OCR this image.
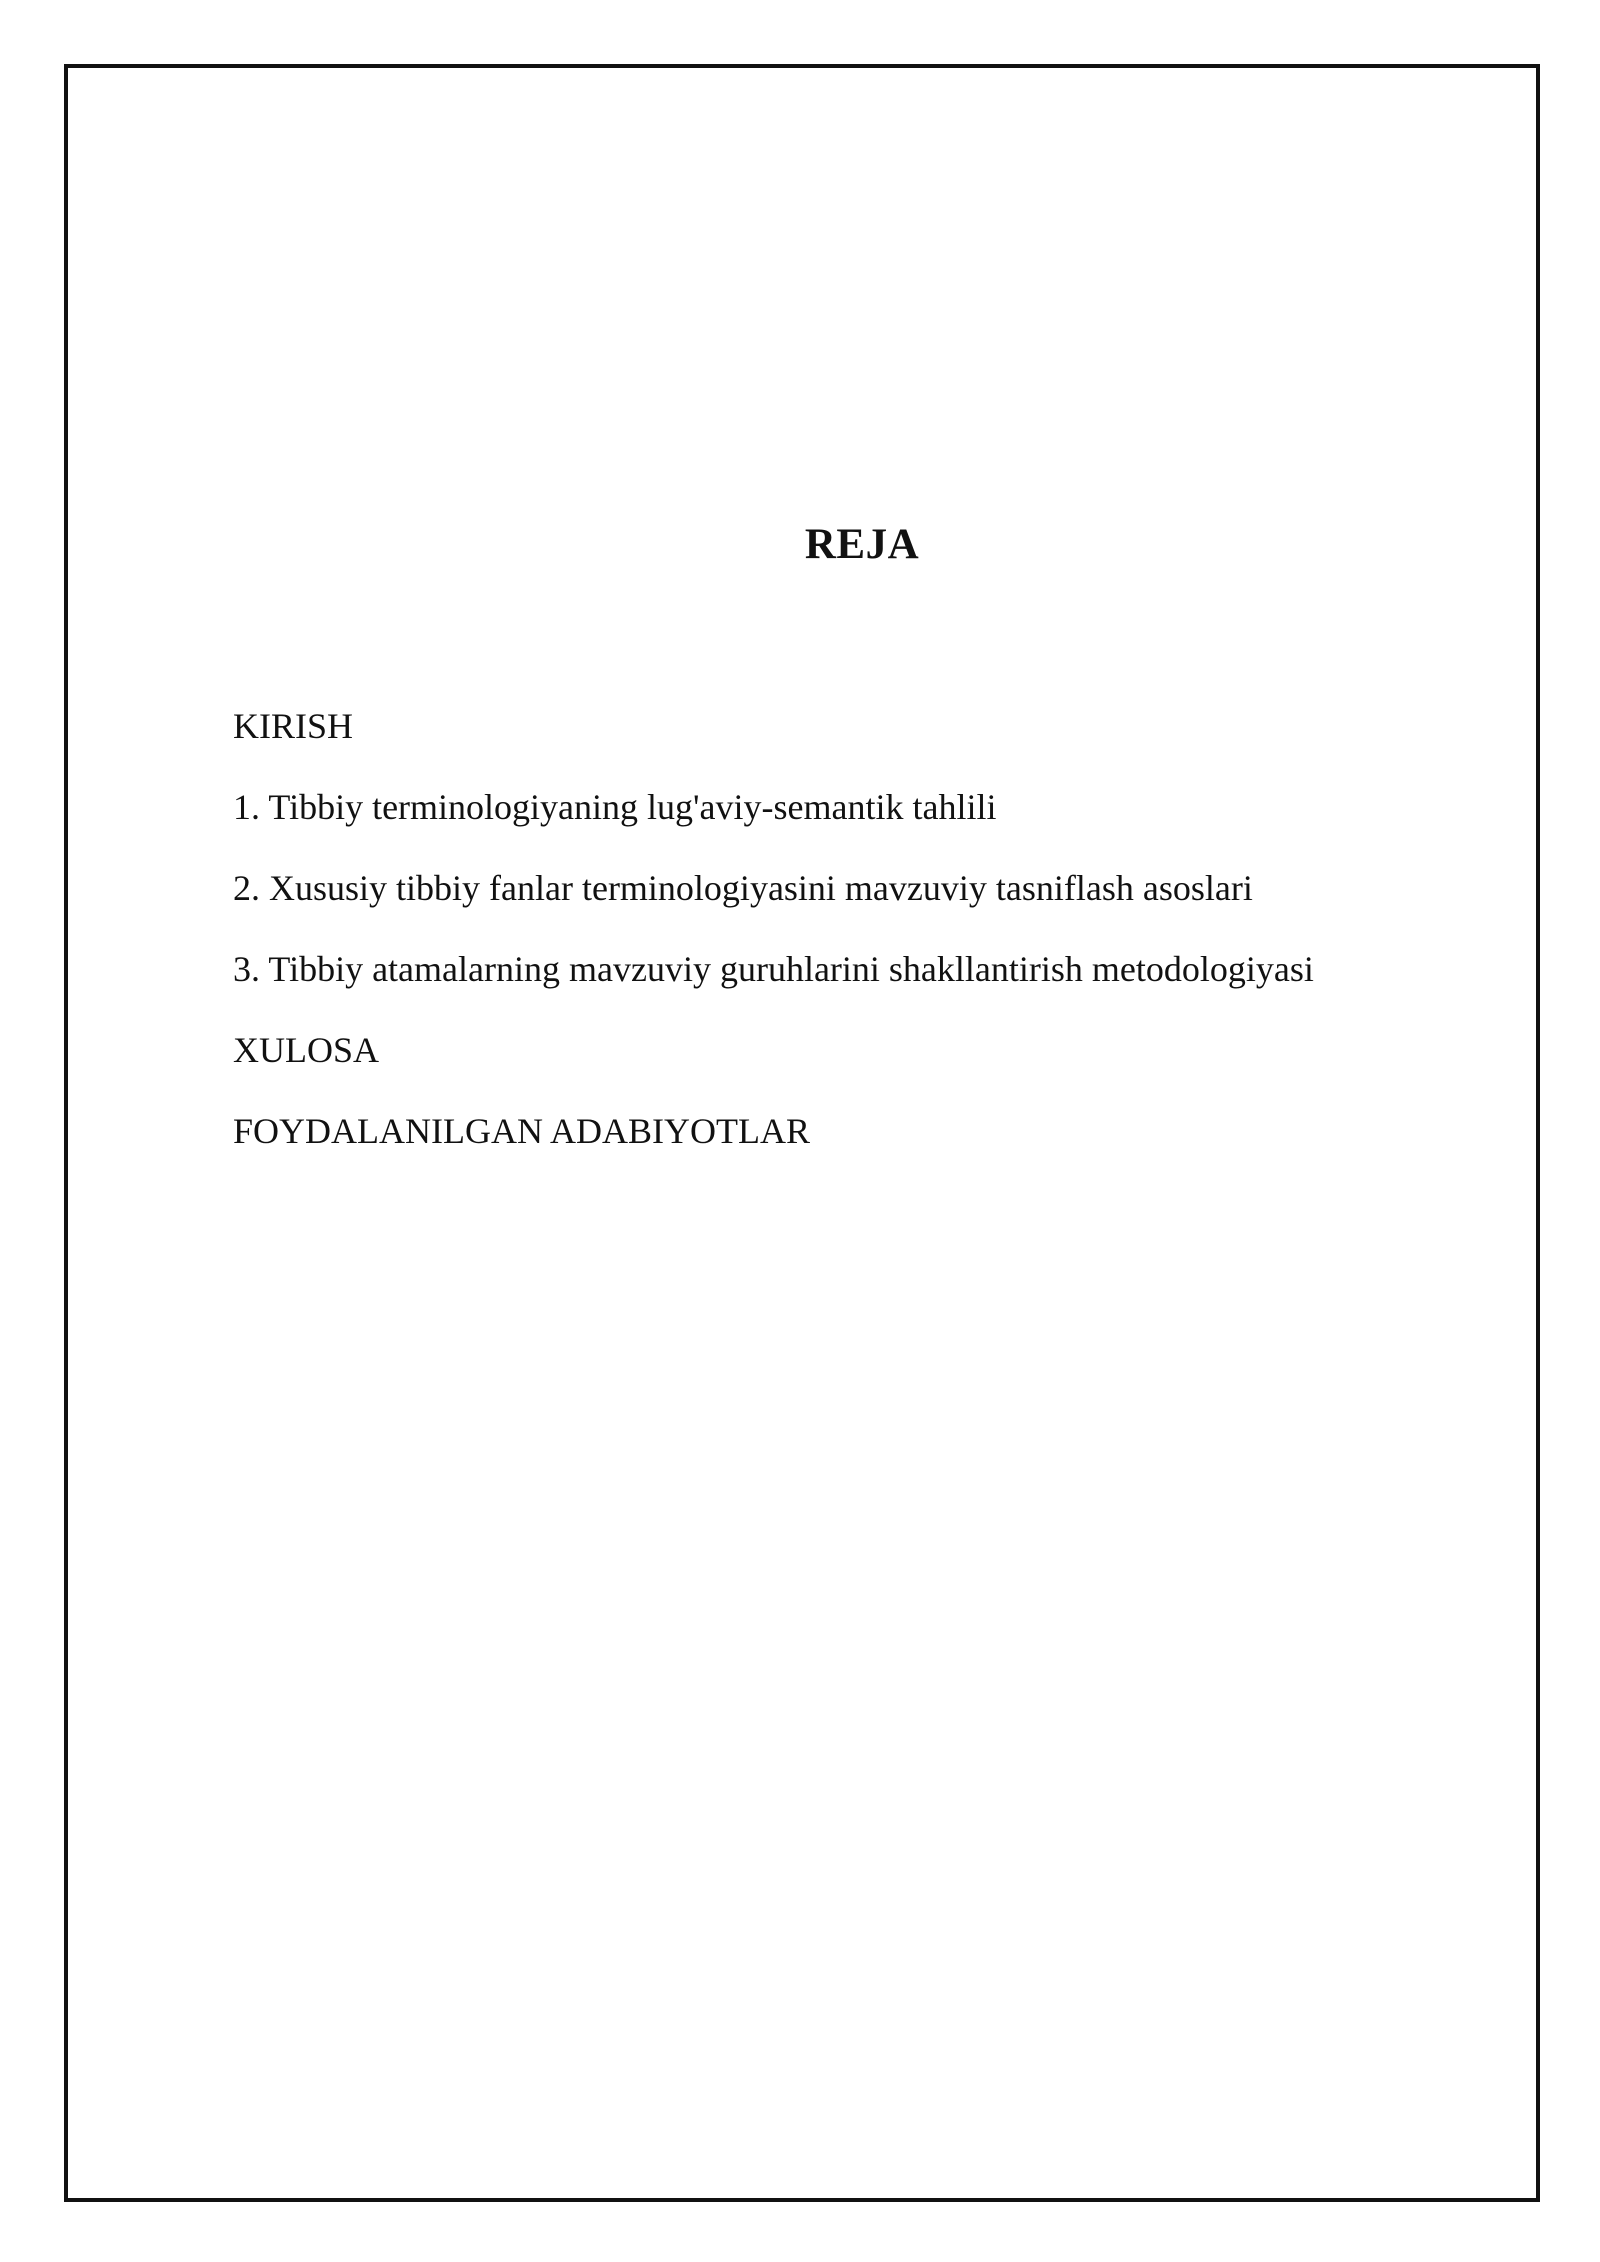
REJA
KIRISH
1. Tibbiy terminologiyaning lug'aviy-semantik tahlili
2. Xususiy tibbiy fanlar terminologiyasini mavzuviy tasniflash asoslari
3. Tibbiy atamalarning mavzuviy guruhlarini shakllantirish metodologiyasi
XULOSA
FOYDALANILGAN ADABIYOTLAR
